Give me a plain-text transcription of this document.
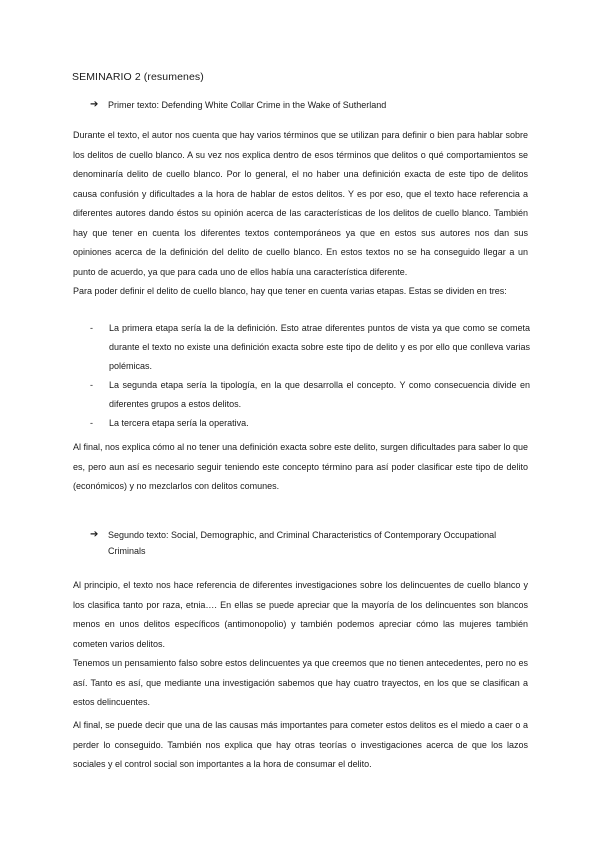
SEMINARIO 2 (resumenes)
➔	Primer texto: Defending White Collar Crime in the Wake of Sutherland

Durante el texto, el autor nos cuenta que hay varios términos que se utilizan para definir o bien para hablar sobre los delitos de cuello blanco. A su vez nos explica dentro de esos términos que delitos o qué comportamientos se denominaría delito de cuello blanco. Por lo general, el no haber una definición exacta de este tipo de delitos causa confusión y dificultades a la hora de hablar de estos delitos. Y es por eso, que el texto hace referencia a diferentes autores dando éstos su opinión acerca de las características de los delitos de cuello blanco. También hay que tener en cuenta los diferentes textos contemporáneos ya que en estos sus autores nos dan sus opiniones acerca de la definición del delito de cuello blanco. En estos textos no se ha conseguido llegar a un punto de acuerdo, ya que para cada uno de ellos había una característica diferente.

Para poder definir el delito de cuello blanco, hay que tener en cuenta varias etapas. Estas se dividen en tres:

-	La primera etapa sería la de la definición. Esto atrae diferentes puntos de vista ya que como se cometa durante el texto no existe una definición exacta sobre este tipo de delito y es por ello que conlleva varias polémicas.
-	La segunda etapa sería la tipología, en la que desarrolla el concepto. Y como consecuencia divide en diferentes grupos a estos delitos.
-	La tercera etapa sería la operativa.

Al final, nos explica cómo al no tener una definición exacta sobre este delito, surgen dificultades para saber lo que es, pero aun así es necesario seguir teniendo este concepto término para así poder clasificar este tipo de delito (económicos) y no mezclarlos con delitos comunes.

➔	Segundo texto: Social, Demographic, and Criminal Characteristics of Contemporary Occupational Criminals

Al principio, el texto nos hace referencia de diferentes investigaciones sobre los delincuentes de cuello blanco y los clasifica tanto por raza, etnia…. En ellas se puede apreciar que la mayoría de los delincuentes son blancos menos en unos delitos específicos (antimonopolio) y también podemos apreciar cómo las mujeres también cometen varios delitos.

Tenemos un pensamiento falso sobre estos delincuentes ya que creemos que no tienen antecedentes, pero no es así. Tanto es así, que mediante una investigación sabemos que hay cuatro trayectos, en los que se clasifican a estos delincuentes.

Al final, se puede decir que una de las causas más importantes para cometer estos delitos es el miedo a caer o a perder lo conseguido. También nos explica que hay otras teorías o investigaciones acerca de que los lazos sociales y el control social son importantes a la hora de consumar el delito.
